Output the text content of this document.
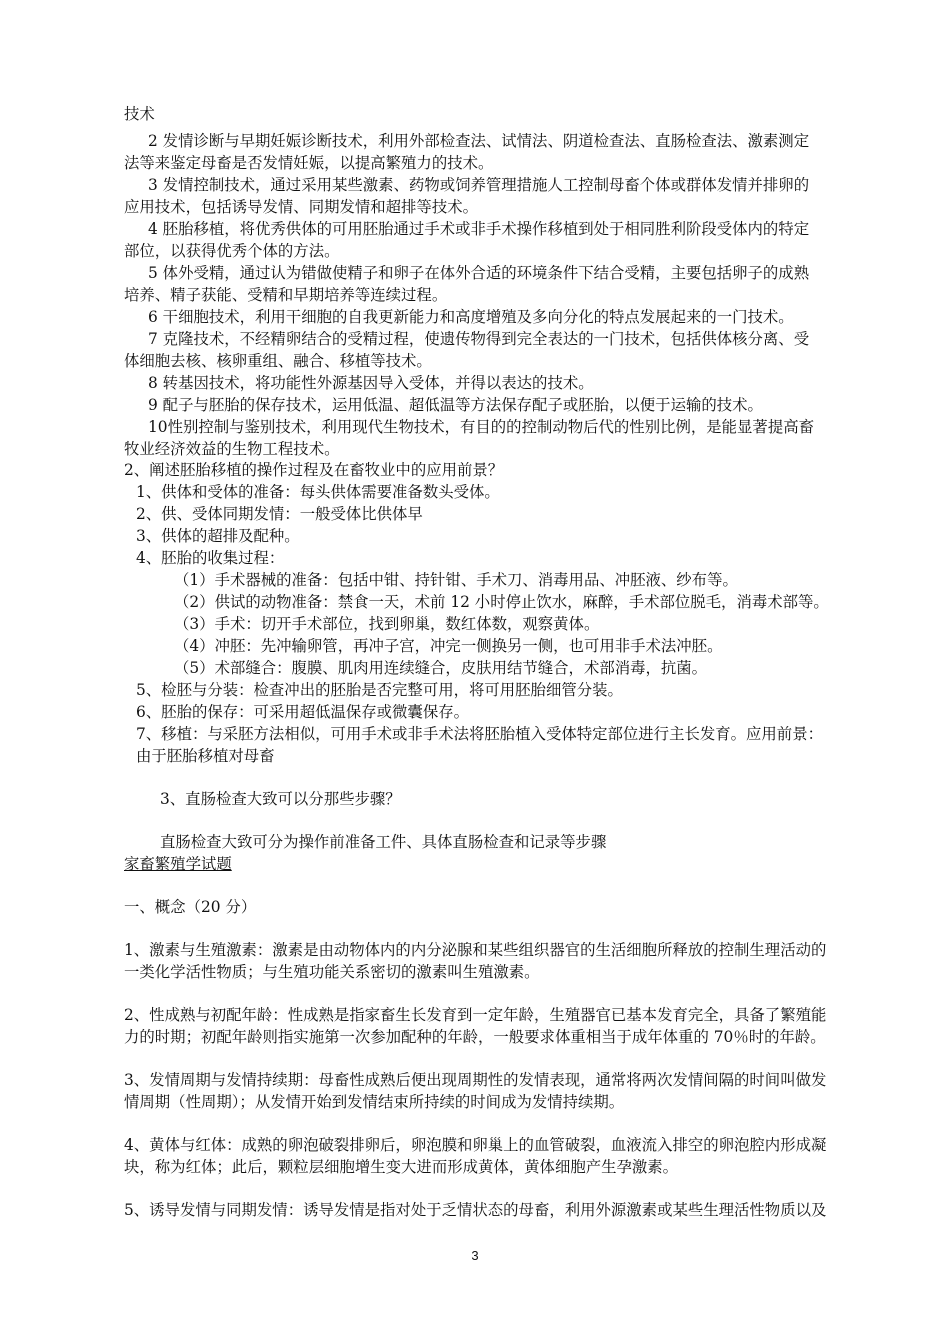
技术
2 发情诊断与早期妊娠诊断技术，利用外部检查法、试情法、阴道检查法、直肠检查法、激素测定
法等来鉴定母畜是否发情妊娠，以提高繁殖力的技术。
3 发情控制技术，通过采用某些激素、药物或饲养管理措施人工控制母畜个体或群体发情并排卵的
应用技术，包括诱导发情、同期发情和超排等技术。
4 胚胎移植，将优秀供体的可用胚胎通过手术或非手术操作移植到处于相同胜利阶段受体内的特定
部位，以获得优秀个体的方法。
5 体外受精，通过认为错做使精子和卵子在体外合适的环境条件下结合受精，主要包括卵子的成熟
培养、精子获能、受精和早期培养等连续过程。
6 干细胞技术，利用干细胞的自我更新能力和高度增殖及多向分化的特点发展起来的一门技术。
7 克隆技术，不经精卵结合的受精过程，使遗传物得到完全表达的一门技术，包括供体核分离、受
体细胞去核、核卵重组、融合、移植等技术。
8 转基因技术，将功能性外源基因导入受体，并得以表达的技术。
9 配子与胚胎的保存技术，运用低温、超低温等方法保存配子或胚胎，以便于运输的技术。
10性别控制与鉴别技术，利用现代生物技术，有目的的控制动物后代的性别比例，是能显著提高畜
牧业经济效益的生物工程技术。
2、阐述胚胎移植的操作过程及在畜牧业中的应用前景？
1、供体和受体的准备：每头供体需要准备数头受体。
2、供、受体同期发情：一般受体比供体早
3、供体的超排及配种。
4、胚胎的收集过程：
（1）手术器械的准备：包括中钳、持针钳、手术刀、消毒用品、冲胚液、纱布等。
（2）供试的动物准备：禁食一天，术前 12 小时停止饮水，麻醉，手术部位脱毛，消毒术部等。
（3）手术：切开手术部位，找到卵巢，数红体数，观察黄体。
（4）冲胚：先冲输卵管，再冲子宫，冲完一侧换另一侧，也可用非手术法冲胚。
（5）术部缝合：腹膜、肌肉用连续缝合，皮肤用结节缝合，术部消毒，抗菌。
5、检胚与分装：检查冲出的胚胎是否完整可用，将可用胚胎细管分装。
6、胚胎的保存：可采用超低温保存或微囊保存。
7、移植：与采胚方法相似，可用手术或非手术法将胚胎植入受体特定部位进行主长发育。应用前景：
由于胚胎移植对母畜
3、直肠检查大致可以分那些步骤？
直肠检查大致可分为操作前准备工件、具体直肠检查和记录等步骤
家畜繁殖学试题
一、概念（20 分）
1、激素与生殖激素：激素是由动物体内的内分泌腺和某些组织器官的生活细胞所释放的控制生理活动的
一类化学活性物质；与生殖功能关系密切的激素叫生殖激素。
2、性成熟与初配年龄：性成熟是指家畜生长发育到一定年龄，生殖器官已基本发育完全，具备了繁殖能
力的时期；初配年龄则指实施第一次参加配种的年龄，一般要求体重相当于成年体重的 70％时的年龄。
3、发情周期与发情持续期：母畜性成熟后便出现周期性的发情表现，通常将两次发情间隔的时间叫做发
情周期（性周期）；从发情开始到发情结束所持续的时间成为发情持续期。
4、黄体与红体：成熟的卵泡破裂排卵后，卵泡膜和卵巢上的血管破裂，血液流入排空的卵泡腔内形成凝
块，称为红体；此后，颗粒层细胞增生变大进而形成黄体，黄体细胞产生孕激素。
5、诱导发情与同期发情：诱导发情是指对处于乏情状态的母畜，利用外源激素或某些生理活性物质以及
3
